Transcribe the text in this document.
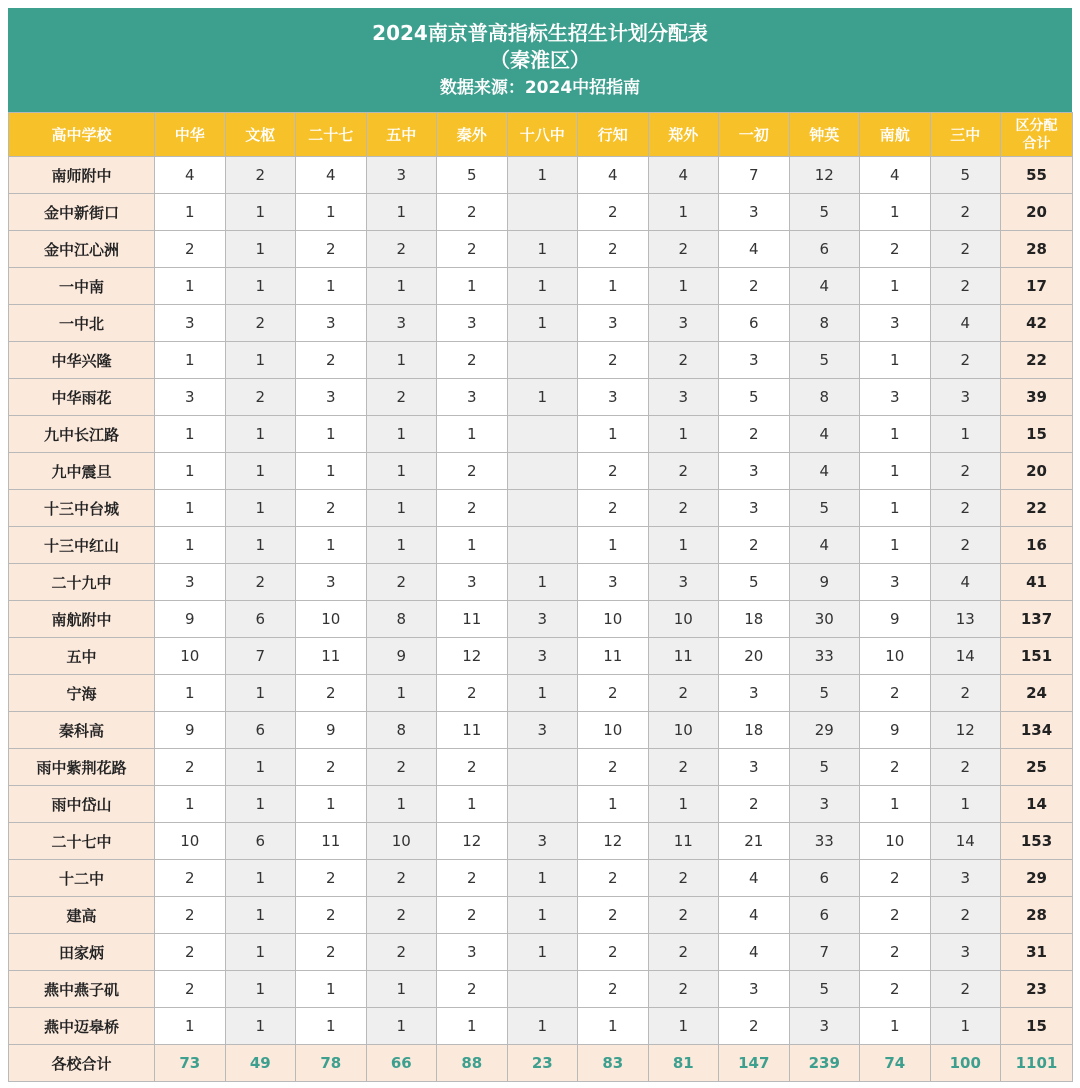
2024南京普高指标生招生计划分配表
（秦淮区）
数据来源：2024中招指南
高中学校	中华	文枢	二十七	五中	秦外	十八中	行知	郑外	一初	钟英	南航	三中	区分配
合计

南师附中	4	2	4	3	5	1	4	4	7	12	4	5	55
金中新街口	1	1	1	1	2		2	1	3	5	1	2	20
金中江心洲	2	1	2	2	2	1	2	2	4	6	2	2	28
一中南	1	1	1	1	1	1	1	1	2	4	1	2	17
一中北	3	2	3	3	3	1	3	3	6	8	3	4	42
中华兴隆	1	1	2	1	2		2	2	3	5	1	2	22
中华雨花	3	2	3	2	3	1	3	3	5	8	3	3	39
九中长江路	1	1	1	1	1		1	1	2	4	1	1	15
九中震旦	1	1	1	1	2		2	2	3	4	1	2	20
十三中台城	1	1	2	1	2		2	2	3	5	1	2	22
十三中红山	1	1	1	1	1		1	1	2	4	1	2	16
二十九中	3	2	3	2	3	1	3	3	5	9	3	4	41
南航附中	9	6	10	8	11	3	10	10	18	30	9	13	137
五中	10	7	11	9	12	3	11	11	20	33	10	14	151
宁海	1	1	2	1	2	1	2	2	3	5	2	2	24
秦科高	9	6	9	8	11	3	10	10	18	29	9	12	134
雨中紫荆花路	2	1	2	2	2		2	2	3	5	2	2	25
雨中岱山	1	1	1	1	1		1	1	2	3	1	1	14
二十七中	10	6	11	10	12	3	12	11	21	33	10	14	153
十二中	2	1	2	2	2	1	2	2	4	6	2	3	29
建高	2	1	2	2	2	1	2	2	4	6	2	2	28
田家炳	2	1	2	2	3	1	2	2	4	7	2	3	31
燕中燕子矶	2	1	1	1	2		2	2	3	5	2	2	23
燕中迈皋桥	1	1	1	1	1	1	1	1	2	3	1	1	15
各校合计	73	49	78	66	88	23	83	81	147	239	74	100	1101
